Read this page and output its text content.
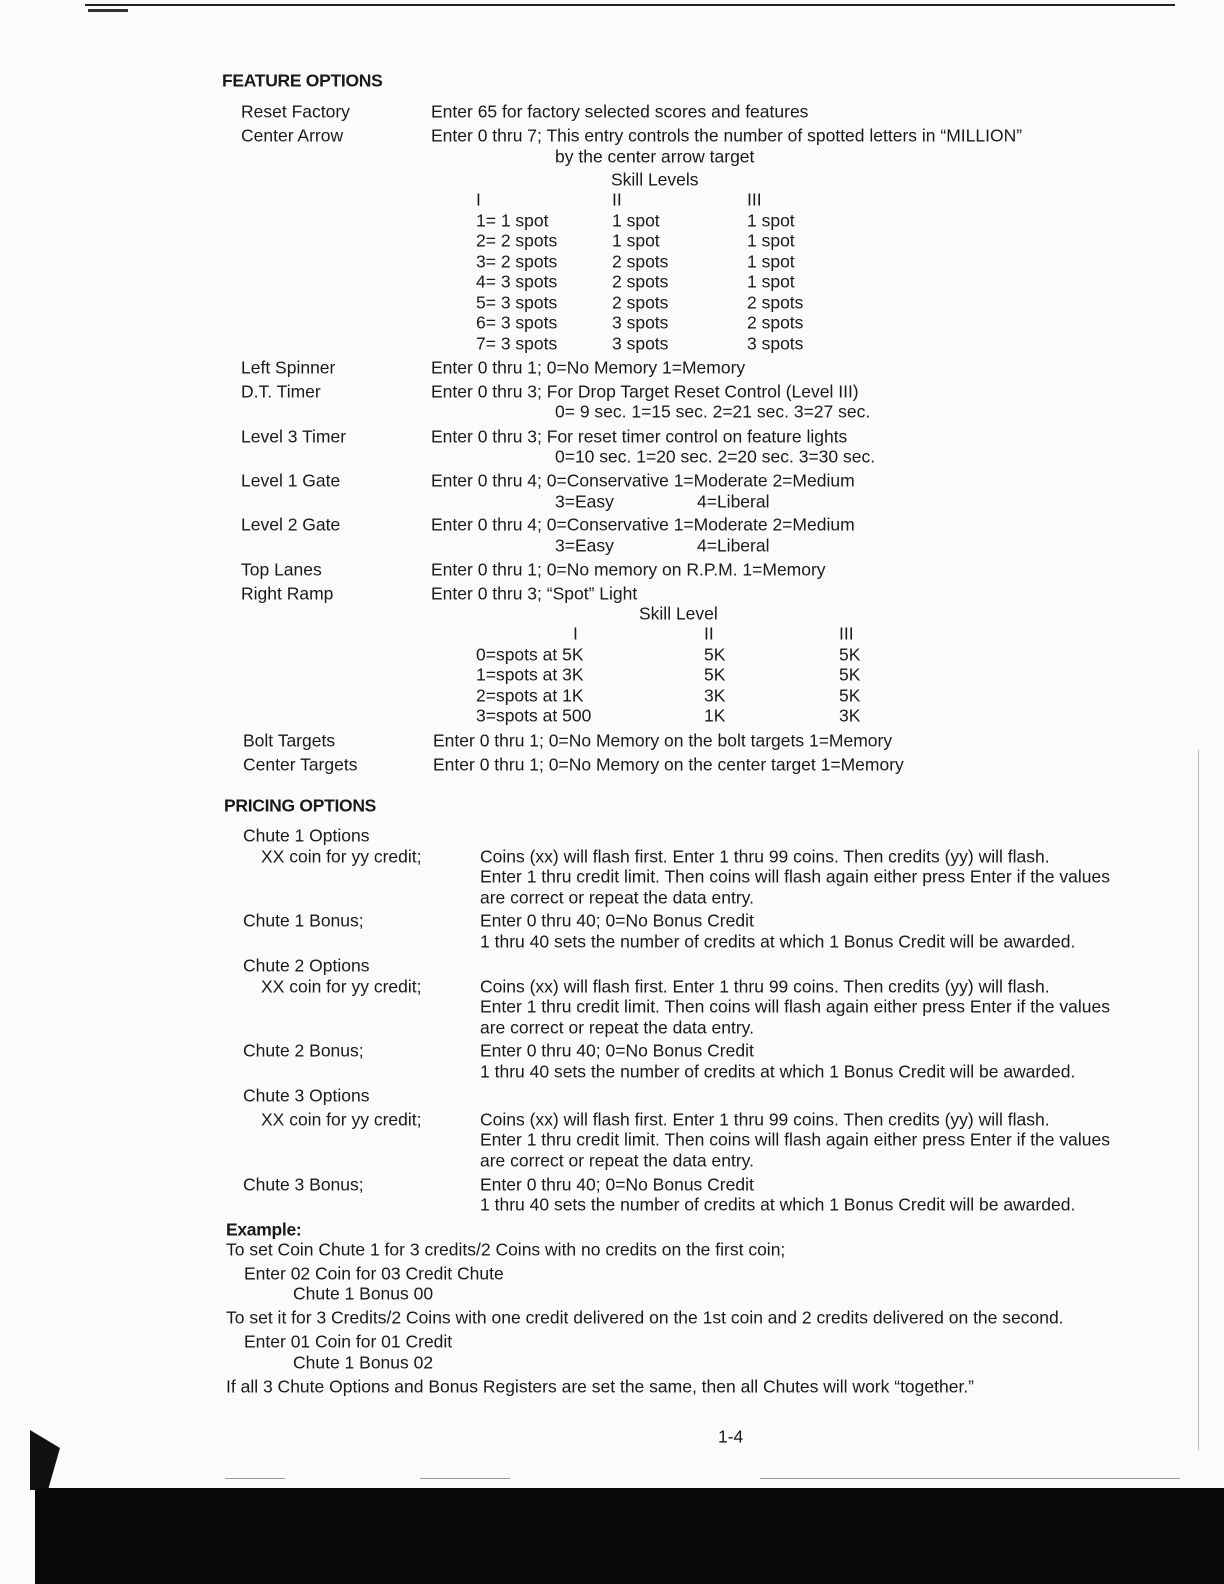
FEATURE OPTIONS
Reset Factory	Enter 65 for factory selected scores and features
Center Arrow	Enter 0 thru 7; This entry controls the number of spotted letters in “MILLION”
by the center arrow target
Skill Levels
I	II	III
1= 1 spot	1 spot	1 spot
2= 2 spots	1 spot	1 spot
3= 2 spots	2 spots	1 spot
4= 3 spots	2 spots	1 spot
5= 3 spots	2 spots	2 spots
6= 3 spots	3 spots	2 spots
7= 3 spots	3 spots	3 spots
Left Spinner	Enter 0 thru 1; 0=No Memory 1=Memory
D.T. Timer	Enter 0 thru 3; For Drop Target Reset Control (Level III)
0= 9 sec. 1=15 sec. 2=21 sec. 3=27 sec.
Level 3 Timer	Enter 0 thru 3; For reset timer control on feature lights
0=10 sec. 1=20 sec. 2=20 sec. 3=30 sec.
Level 1 Gate	Enter 0 thru 4; 0=Conservative 1=Moderate 2=Medium
3=Easy	4=Liberal
Level 2 Gate	Enter 0 thru 4; 0=Conservative 1=Moderate 2=Medium
3=Easy	4=Liberal
Top Lanes	Enter 0 thru 1; 0=No memory on R.P.M. 1=Memory
Right Ramp	Enter 0 thru 3; “Spot” Light
Skill Level
I	II	III
0=spots at 5K	5K	5K
1=spots at 3K	5K	5K
2=spots at 1K	3K	5K
3=spots at 500	1K	3K
Bolt Targets	Enter 0 thru 1; 0=No Memory on the bolt targets 1=Memory
Center Targets	Enter 0 thru 1; 0=No Memory on the center target 1=Memory
PRICING OPTIONS
Chute 1 Options
XX coin for yy credit;	Coins (xx) will flash first. Enter 1 thru 99 coins. Then credits (yy) will flash.
Enter 1 thru credit limit. Then coins will flash again either press Enter if the values
are correct or repeat the data entry.
Chute 1 Bonus;	Enter 0 thru 40; 0=No Bonus Credit
1 thru 40 sets the number of credits at which 1 Bonus Credit will be awarded.
Chute 2 Options
XX coin for yy credit;	Coins (xx) will flash first. Enter 1 thru 99 coins. Then credits (yy) will flash.
Enter 1 thru credit limit. Then coins will flash again either press Enter if the values
are correct or repeat the data entry.
Chute 2 Bonus;	Enter 0 thru 40; 0=No Bonus Credit
1 thru 40 sets the number of credits at which 1 Bonus Credit will be awarded.
Chute 3 Options
XX coin for yy credit;	Coins (xx) will flash first. Enter 1 thru 99 coins. Then credits (yy) will flash.
Enter 1 thru credit limit. Then coins will flash again either press Enter if the values
are correct or repeat the data entry.
Chute 3 Bonus;	Enter 0 thru 40; 0=No Bonus Credit
1 thru 40 sets the number of credits at which 1 Bonus Credit will be awarded.
Example:
To set Coin Chute 1 for 3 credits/2 Coins with no credits on the first coin;
Enter 02 Coin for 03 Credit Chute
Chute 1 Bonus 00
To set it for 3 Credits/2 Coins with one credit delivered on the 1st coin and 2 credits delivered on the second.
Enter 01 Coin for 01 Credit
Chute 1 Bonus 02
If all 3 Chute Options and Bonus Registers are set the same, then all Chutes will work “together.”
1-4
